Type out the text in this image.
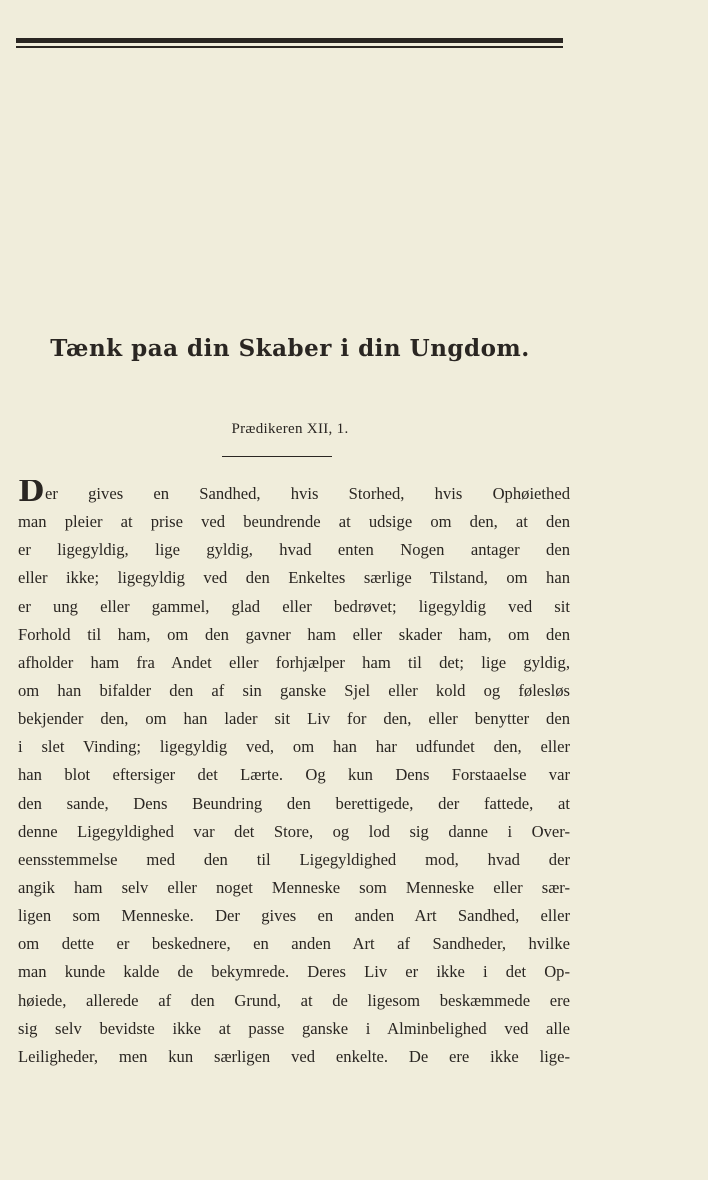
Tænk paa din Skaber i din Ungdom.
Prædikeren XII, 1.
Der gives en Sandhed, hvis Storhed, hvis Ophøiethed
man pleier at prise ved beundrende at udsige om den, at den
er ligegyldig, lige gyldig, hvad enten Nogen antager den
eller ikke; ligegyldig ved den Enkeltes særlige Tilstand, om han
er ung eller gammel, glad eller bedrøvet; ligegyldig ved sit
Forhold til ham, om den gavner ham eller skader ham, om den
afholder ham fra Andet eller forhjælper ham til det; lige gyldig,
om han bifalder den af sin ganske Sjel eller kold og følesløs
bekjender den, om han lader sit Liv for den, eller benytter den
i slet Vinding; ligegyldig ved, om han har udfundet den, eller
han blot eftersiger det Lærte. Og kun Dens Forstaaelse var
den sande, Dens Beundring den berettigede, der fattede, at
denne Ligegyldighed var det Store, og lod sig danne i Over-
eensstemmelse med den til Ligegyldighed mod, hvad der
angik ham selv eller noget Menneske som Menneske eller sær-
ligen som Menneske. Der gives en anden Art Sandhed, eller
om dette er beskednere, en anden Art af Sandheder, hvilke
man kunde kalde de bekymrede. Deres Liv er ikke i det Op-
høiede, allerede af den Grund, at de ligesom beskæmmede ere
sig selv bevidste ikke at passe ganske i Alminbelighed ved alle
Leiligheder, men kun særligen ved enkelte. De ere ikke lige-
